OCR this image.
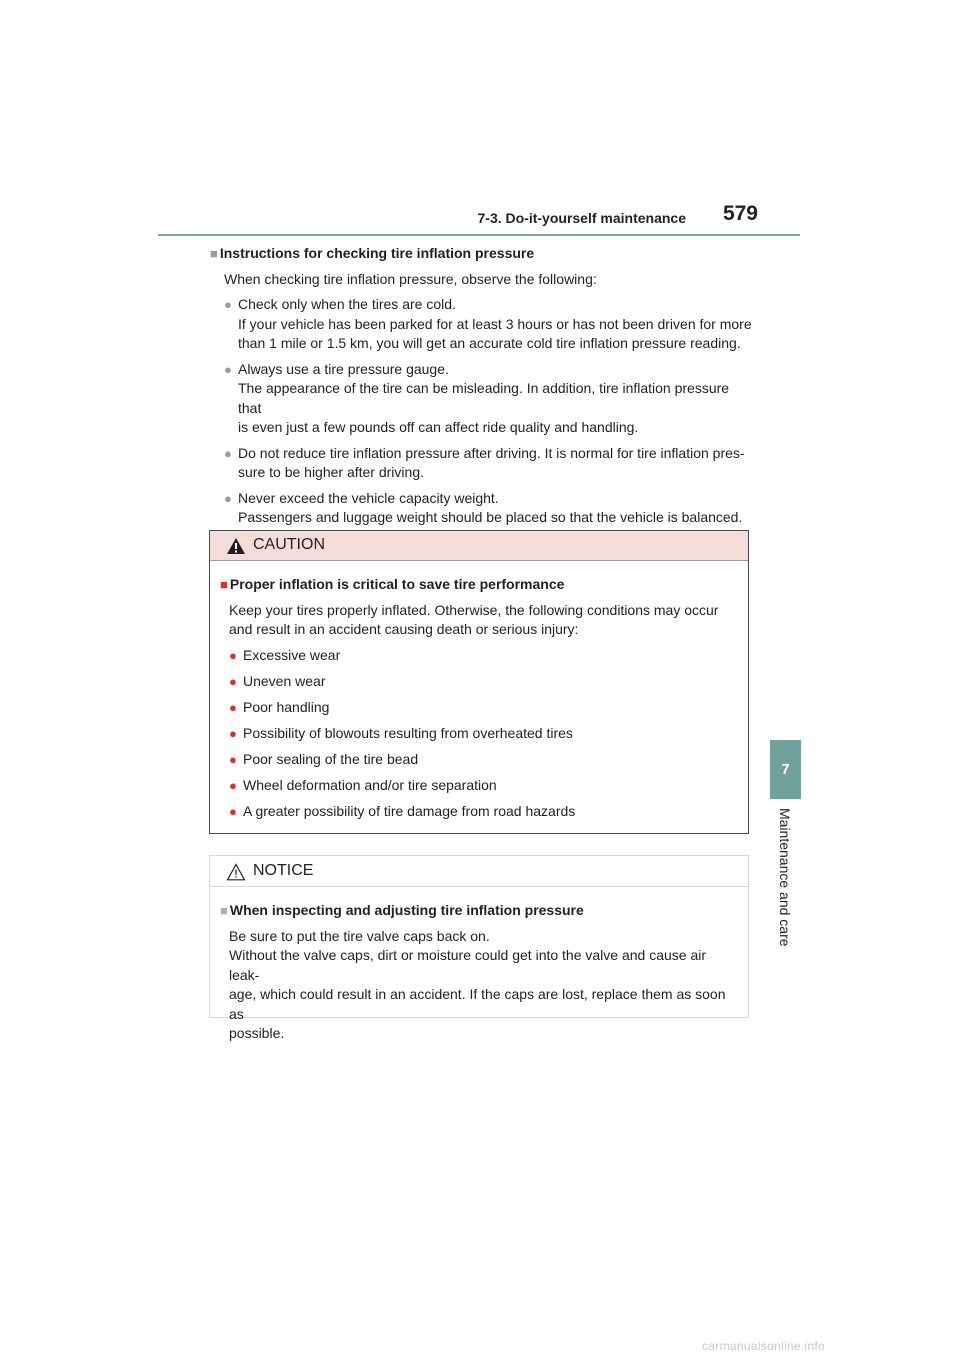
7-3. Do-it-yourself maintenance 579
7
Maintenance and care
■ Instructions for checking tire inflation pressure
When checking tire inflation pressure, observe the following:
● Check only when the tires are cold.
If your vehicle has been parked for at least 3 hours or has not been driven for more
than 1 mile or 1.5 km, you will get an accurate cold tire inflation pressure reading.
● Always use a tire pressure gauge.
The appearance of the tire can be misleading. In addition, tire inflation pressure that
is even just a few pounds off can affect ride quality and handling.
● Do not reduce tire inflation pressure after driving. It is normal for tire inflation pres-
sure to be higher after driving.
● Never exceed the vehicle capacity weight.
Passengers and luggage weight should be placed so that the vehicle is balanced.
CAUTION
■ Proper inflation is critical to save tire performance
Keep your tires properly inflated. Otherwise, the following conditions may occur
and result in an accident causing death or serious injury:
● Excessive wear
● Uneven wear
● Poor handling
● Possibility of blowouts resulting from overheated tires
● Poor sealing of the tire bead
● Wheel deformation and/or tire separation
● A greater possibility of tire damage from road hazards
NOTICE
■ When inspecting and adjusting tire inflation pressure
Be sure to put the tire valve caps back on.
Without the valve caps, dirt or moisture could get into the valve and cause air leak-
age, which could result in an accident. If the caps are lost, replace them as soon as
possible.
carmanualsonline.info
